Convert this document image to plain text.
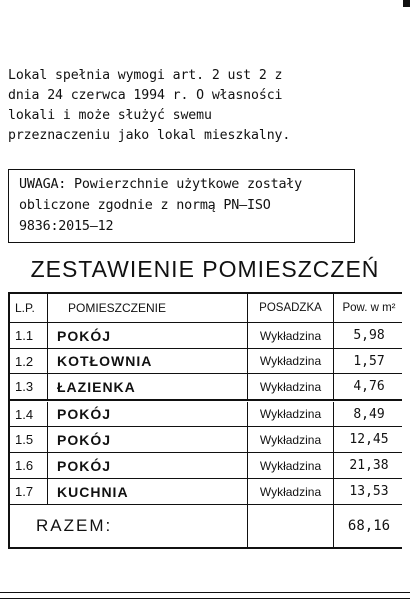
Lokal spełnia wymogi art. 2 ust 2 z
dnia 24 czerwca 1994 r. O własności
lokali i może służyć swemu
przeznaczeniu jako lokal mieszkalny.
UWAGA: Powierzchnie użytkowe zostały
obliczone zgodnie z normą PN–ISO
9836:2015–12
ZESTAWIENIE POMIESZCZEŃ
L.P.	POMIESZCZENIE	POSADZKA	Pow. w m²
1.1	POKÓJ	Wykładzina	5,98
1.2	KOTŁOWNIA	Wykładzina	1,57
1.3	ŁAZIENKA	Wykładzina	4,76
1.4	POKÓJ	Wykładzina	8,49
1.5	POKÓJ	Wykładzina	12,45
1.6	POKÓJ	Wykładzina	21,38
1.7	KUCHNIA	Wykładzina	13,53
RAZEM:	68,16
